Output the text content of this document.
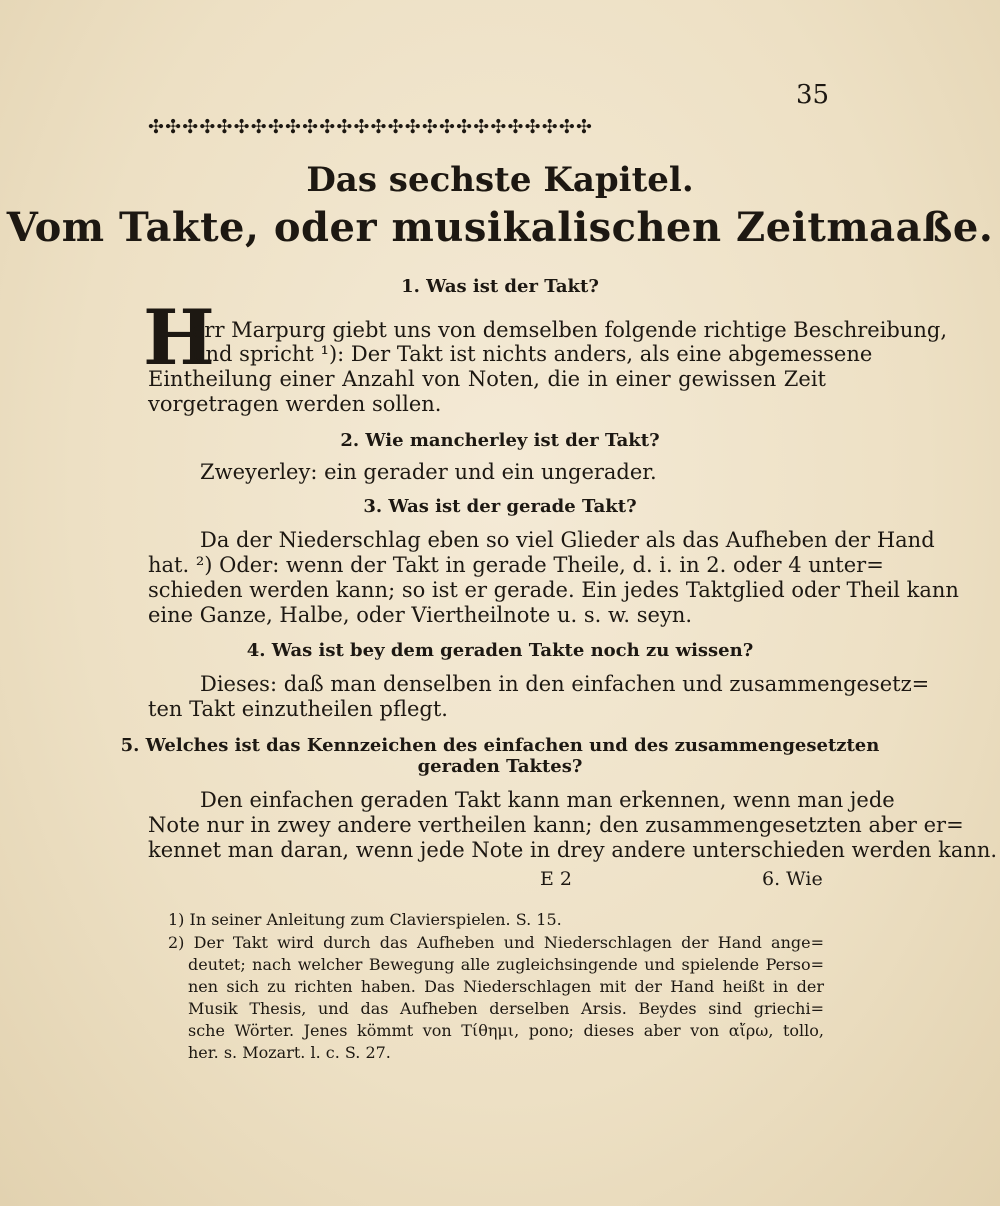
35
✣✣✣✣✣✣✣✣✣✣✣✣✣✣✣✣✣✣✣✣✣✣✣✣✣✣
Das sechste Kapitel.
Vom Takte, oder musikalischen Zeitmaaße.
1. Was ist der Takt?
H
err Marpurg giebt uns von demselben folgende richtige Beschreibung,
und spricht ¹): Der Takt ist nichts anders, als eine abgemessene
Eintheilung einer Anzahl von Noten, die in einer gewissen Zeit
vorgetragen werden sollen.
2. Wie mancherley ist der Takt?
Zweyerley: ein gerader und ein ungerader.
3. Was ist der gerade Takt?
Da der Niederschlag eben so viel Glieder als das Aufheben der Hand
hat. ²) Oder: wenn der Takt in gerade Theile, d. i. in 2. oder 4 unter=
schieden werden kann; so ist er gerade. Ein jedes Taktglied oder Theil kann
eine Ganze, Halbe, oder Viertheilnote u. s. w. seyn.
4. Was ist bey dem geraden Takte noch zu wissen?
Dieses: daß man denselben in den einfachen und zusammengesetz=
ten Takt einzutheilen pflegt.
5. Welches ist das Kennzeichen des einfachen und des zusammengesetzten
geraden Taktes?
Den einfachen geraden Takt kann man erkennen, wenn man jede
Note nur in zwey andere vertheilen kann; den zusammengesetzten aber er=
kennet man daran, wenn jede Note in drey andere unterschieden werden kann.
E 2	6. Wie
1) In seiner Anleitung zum Clavierspielen. S. 15.
2) Der Takt wird durch das Aufheben und Niederschlagen der Hand ange=
deutet; nach welcher Bewegung alle zugleichsingende und spielende Perso=
nen sich zu richten haben. Das Niederschlagen mit der Hand heißt in der
Musik Thesis, und das Aufheben derselben Arsis. Beydes sind griechi=
sche Wörter. Jenes kömmt von Τίθημι, pono; dieses aber von αἴρω, tollo,
her. s. Mozart. l. c. S. 27.
